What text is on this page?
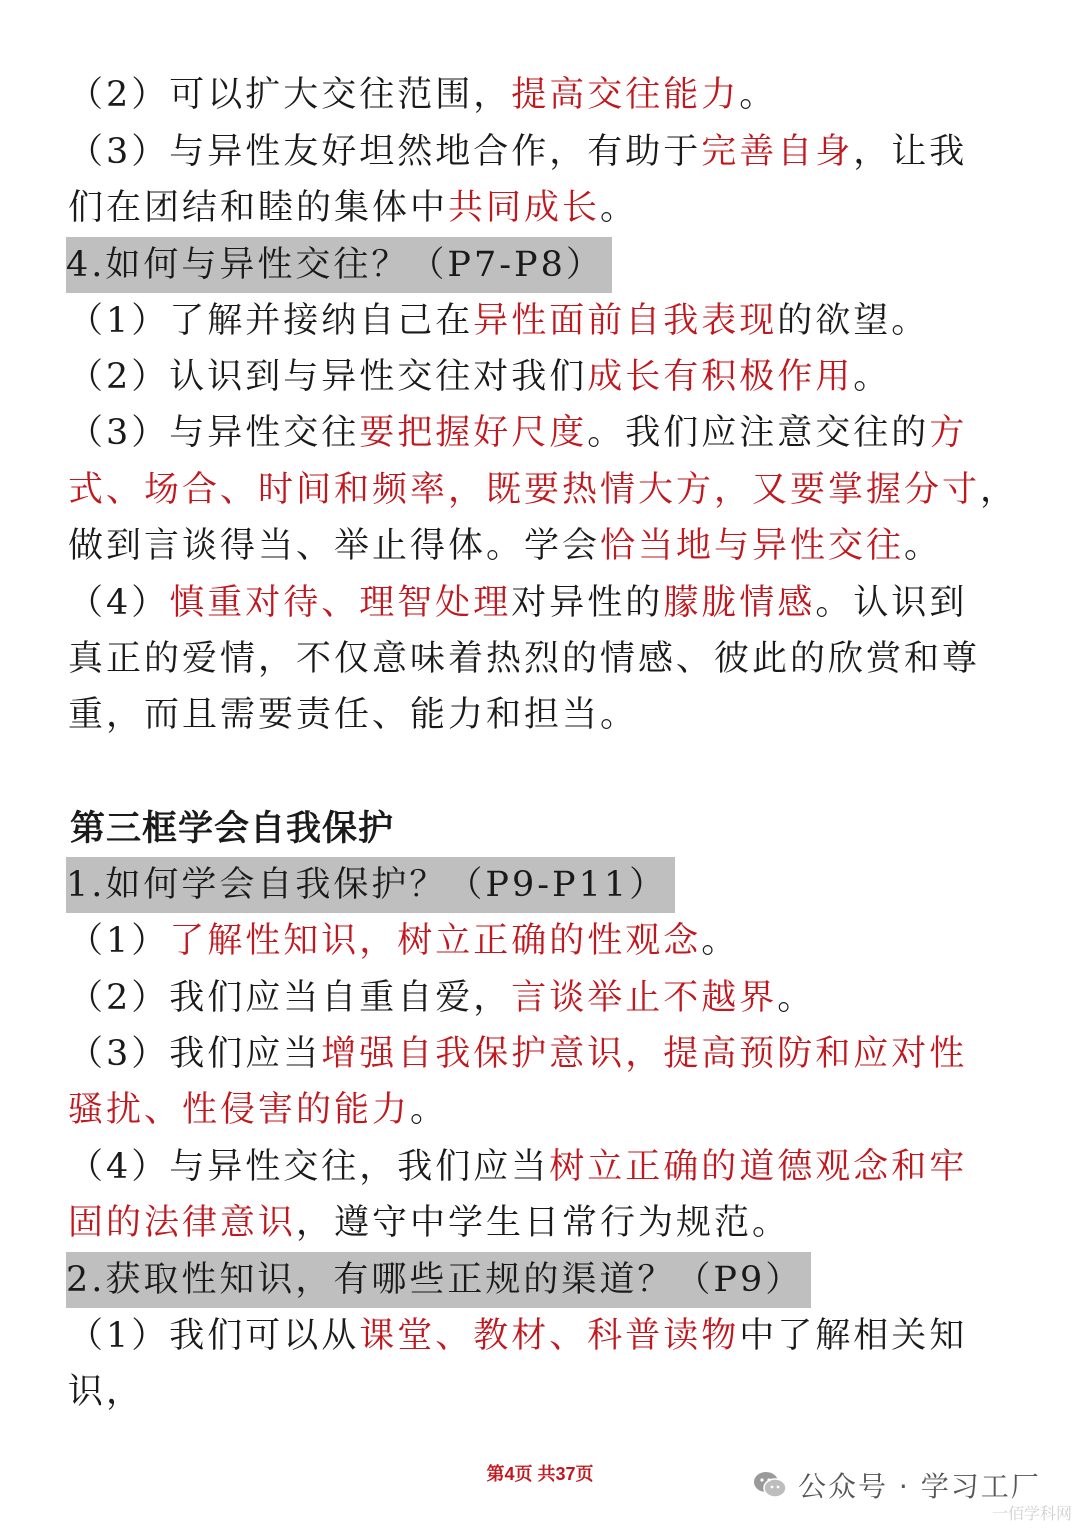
（2）可以扩大交往范围，提高交往能力。
（3）与异性友好坦然地合作，有助于完善自身，让我
们在团结和睦的集体中共同成长。
（1）了解并接纳自己在异性面前自我表现的欲望。
（2）认识到与异性交往对我们成长有积极作用。
（3）与异性交往要把握好尺度。我们应注意交往的方
式、场合、时间和频率，既要热情大方，又要掌握分寸，
做到言谈得当、举止得体。学会恰当地与异性交往。
（4）慎重对待、理智处理对异性的朦胧情感。认识到
真正的爱情，不仅意味着热烈的情感、彼此的欣赏和尊
重，而且需要责任、能力和担当。
（1）了解性知识，树立正确的性观念。
（2）我们应当自重自爱，言谈举止不越界。
（3）我们应当增强自我保护意识，提高预防和应对性
骚扰、性侵害的能力。
（4）与异性交往，我们应当树立正确的道德观念和牢
固的法律意识，遵守中学生日常行为规范。
（1）我们可以从课堂、教材、科普读物中了解相关知
识，
4.如何与异性交往？（P7-P8）
1.如何学会自我保护？（P9-P11）
2.获取性知识，有哪些正规的渠道？（P9）
第三框学会自我保护
第4页 共37页	公众号 · 学习工厂
一佰学科网
